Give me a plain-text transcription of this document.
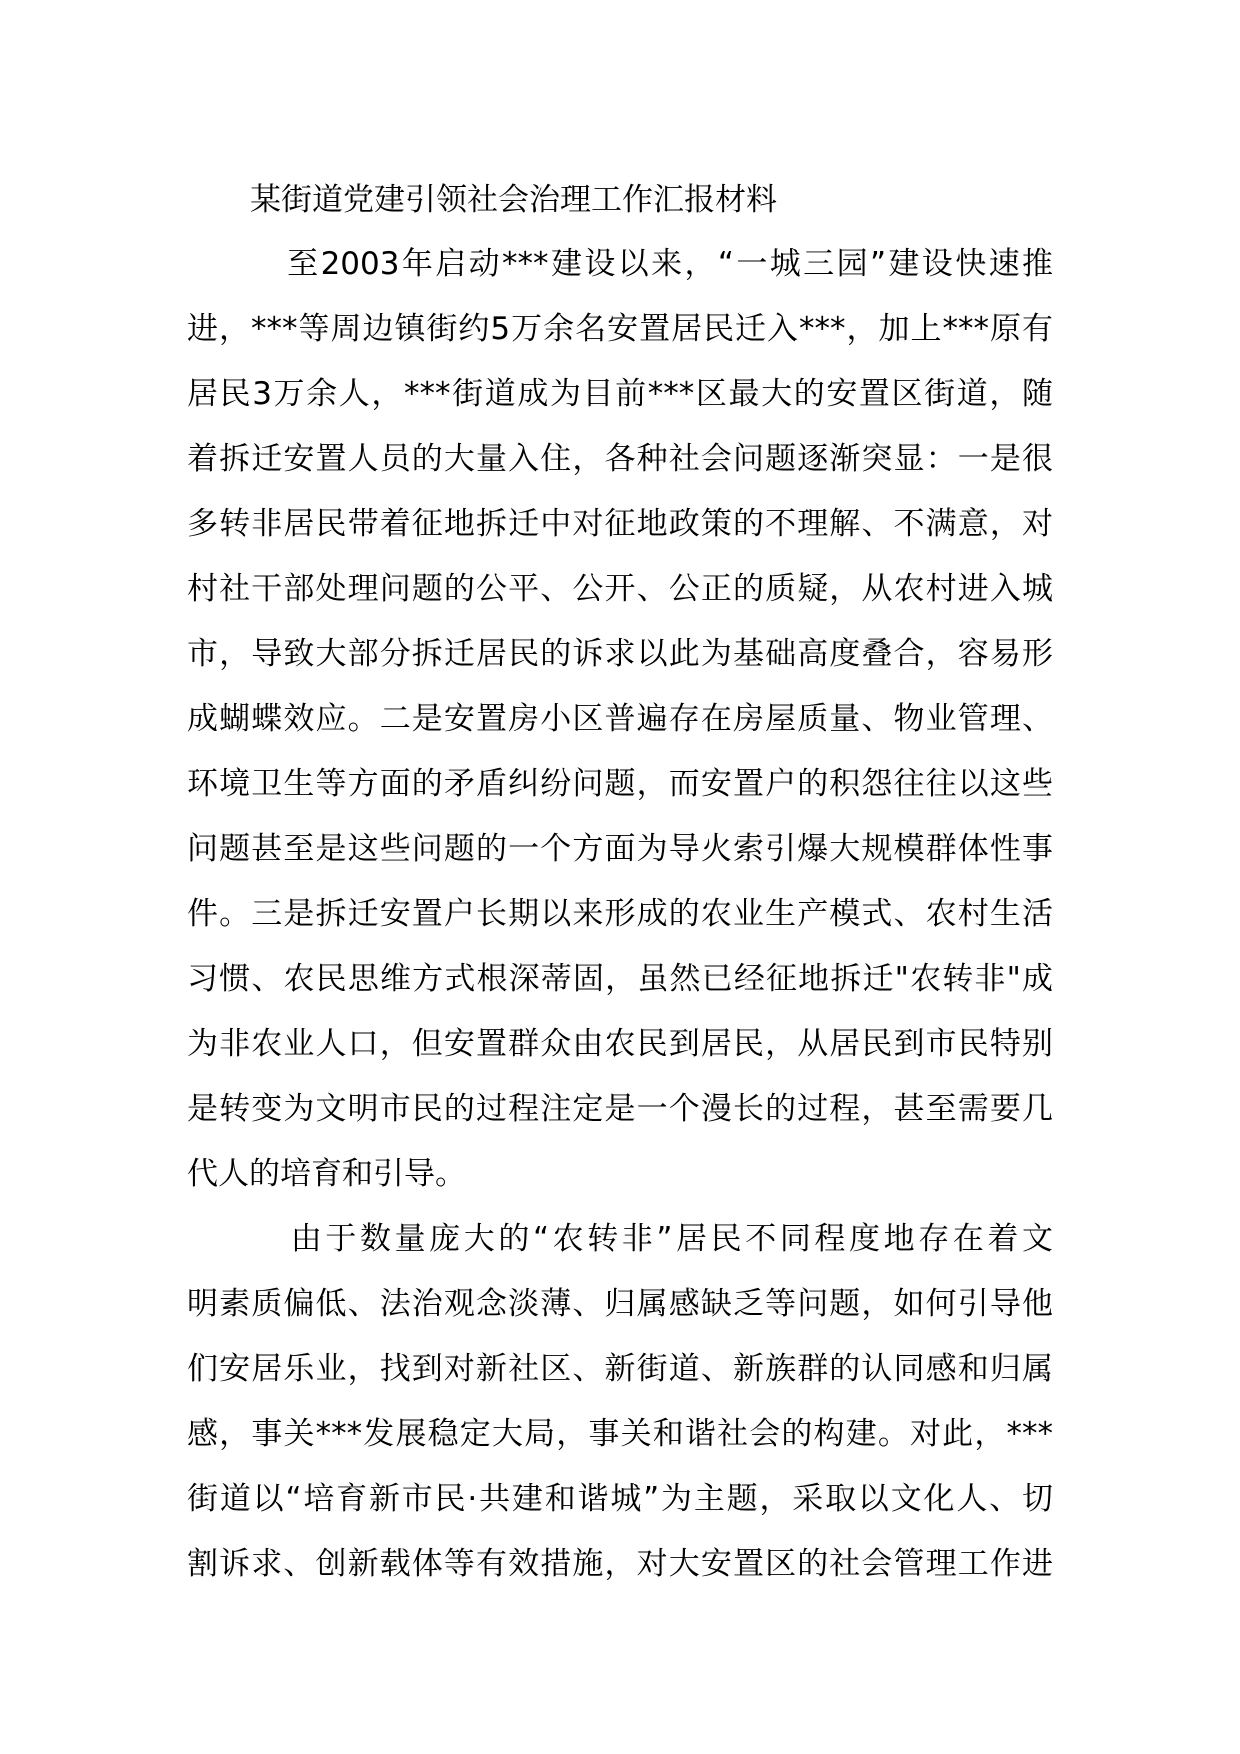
某街道党建引领社会治理工作汇报材料
　　　至2003年启动***建设以来，“一城三园”建设快速推
进，***等周边镇街约5万余名安置居民迁入***，加上***原有
居民3万余人，***街道成为目前***区最大的安置区街道，随
着拆迁安置人员的大量入住，各种社会问题逐渐突显：一是很
多转非居民带着征地拆迁中对征地政策的不理解、不满意，对
村社干部处理问题的公平、公开、公正的质疑，从农村进入城
市，导致大部分拆迁居民的诉求以此为基础高度叠合，容易形
成蝴蝶效应。二是安置房小区普遍存在房屋质量、物业管理、
环境卫生等方面的矛盾纠纷问题，而安置户的积怨往往以这些
问题甚至是这些问题的一个方面为导火索引爆大规模群体性事
件。三是拆迁安置户长期以来形成的农业生产模式、农村生活
习惯、农民思维方式根深蒂固，虽然已经征地拆迁"农转非"成
为非农业人口，但安置群众由农民到居民，从居民到市民特别
是转变为文明市民的过程注定是一个漫长的过程，甚至需要几
代人的培育和引导。
　　　由于数量庞大的“农转非”居民不同程度地存在着文
明素质偏低、法治观念淡薄、归属感缺乏等问题，如何引导他
们安居乐业，找到对新社区、新街道、新族群的认同感和归属
感，事关***发展稳定大局，事关和谐社会的构建。对此，***
街道以“培育新市民·共建和谐城”为主题，采取以文化人、切
割诉求、创新载体等有效措施，对大安置区的社会管理工作进
